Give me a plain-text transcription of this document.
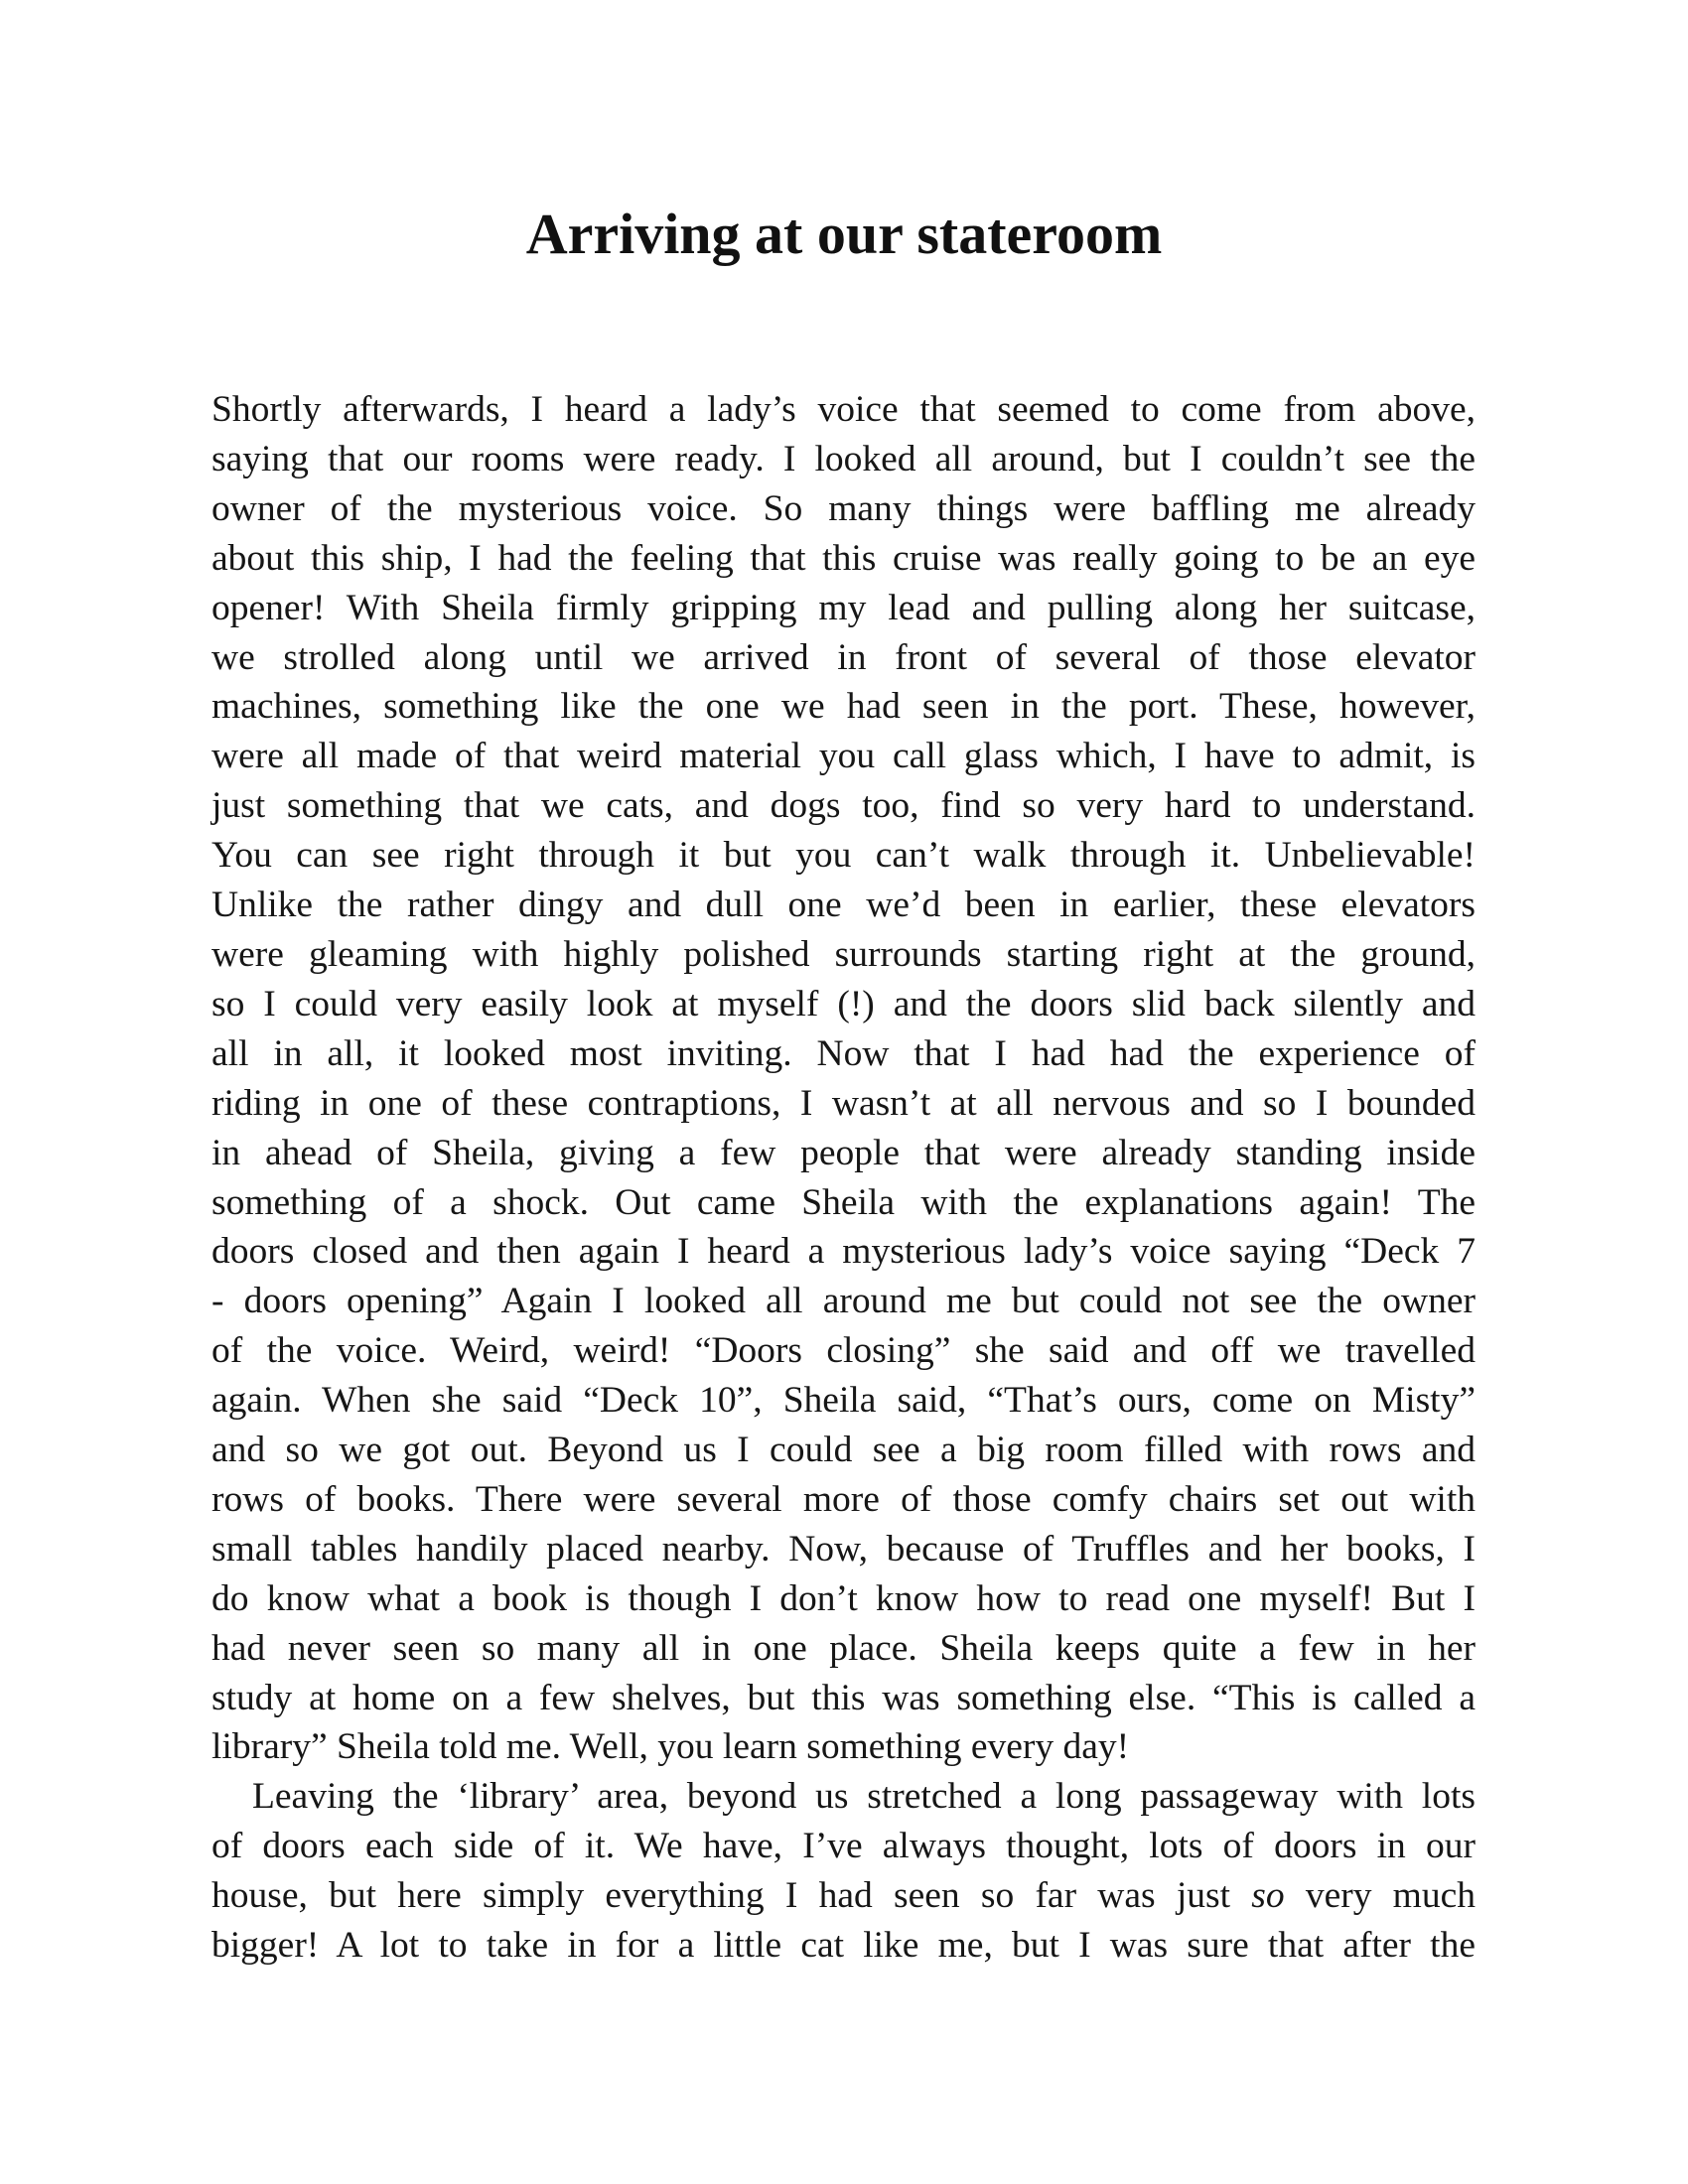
Arriving at our stateroom

Shortly afterwards, I heard a lady’s voice that seemed to come from above,
saying that our rooms were ready. I looked all around, but I couldn’t see the
owner of the mysterious voice. So many things were baffling me already
about this ship, I had the feeling that this cruise was really going to be an eye
opener! With Sheila firmly gripping my lead and pulling along her suitcase,
we strolled along until we arrived in front of several of those elevator
machines, something like the one we had seen in the port. These, however,
were all made of that weird material you call glass which, I have to admit, is
just something that we cats, and dogs too, find so very hard to understand.
You can see right through it but you can’t walk through it. Unbelievable!
Unlike the rather dingy and dull one we’d been in earlier, these elevators
were gleaming with highly polished surrounds starting right at the ground,
so I could very easily look at myself (!) and the doors slid back silently and
all in all, it looked most inviting. Now that I had had the experience of
riding in one of these contraptions, I wasn’t at all nervous and so I bounded
in ahead of Sheila, giving a few people that were already standing inside
something of a shock. Out came Sheila with the explanations again! The
doors closed and then again I heard a mysterious lady’s voice saying “Deck 7
- doors opening” Again I looked all around me but could not see the owner
of the voice. Weird, weird! “Doors closing” she said and off we travelled
again. When she said “Deck 10”, Sheila said, “That’s ours, come on Misty”
and so we got out. Beyond us I could see a big room filled with rows and
rows of books. There were several more of those comfy chairs set out with
small tables handily placed nearby. Now, because of Truffles and her books, I
do know what a book is though I don’t know how to read one myself! But I
had never seen so many all in one place. Sheila keeps quite a few in her
study at home on a few shelves, but this was something else. “This is called a
library” Sheila told me. Well, you learn something every day!

Leaving the ‘library’ area, beyond us stretched a long passageway with lots
of doors each side of it. We have, I’ve always thought, lots of doors in our
house, but here simply everything I had seen so far was just so very much
bigger! A lot to take in for a little cat like me, but I was sure that after the
